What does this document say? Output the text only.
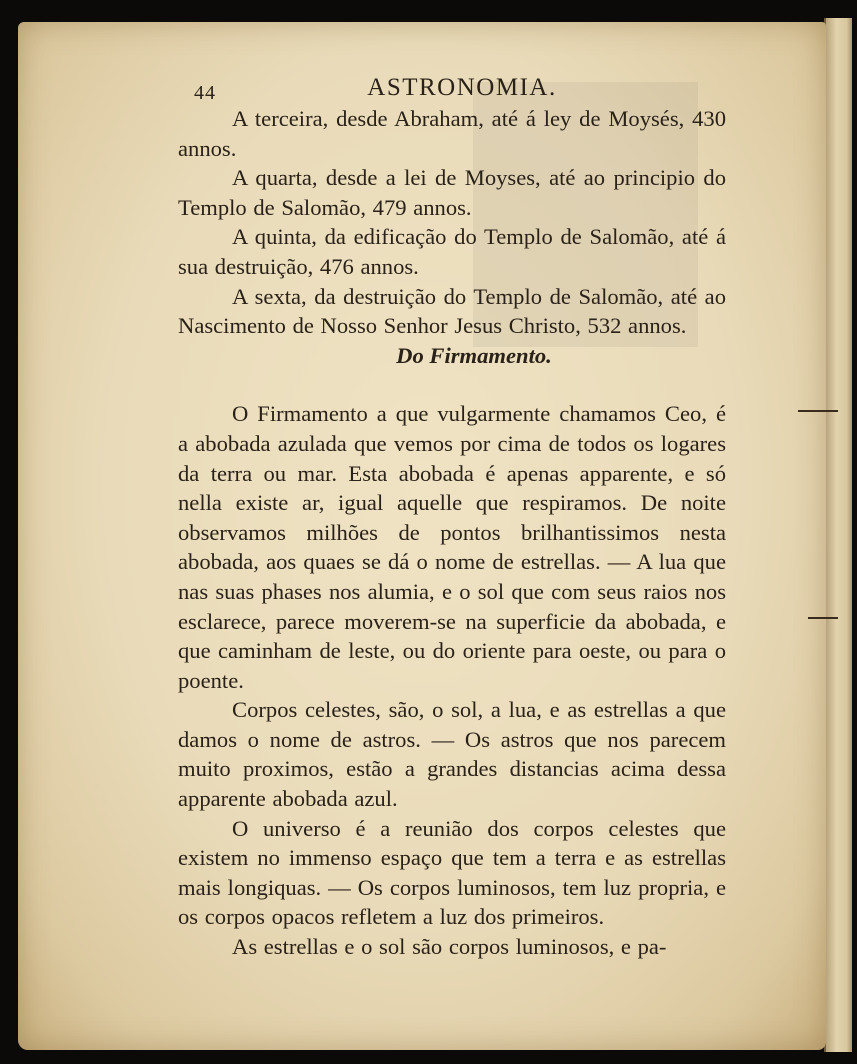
44	ASTRONOMIA.

A terceira, desde Abraham, até á ley de Moysés, 430 annos.

A quarta, desde a lei de Moyses, até ao principio do Templo de Salomão, 479 annos.

A quinta, da edificação do Templo de Salomão, até á sua destruição, 476 annos.

A sexta, da destruição do Templo de Salomão, até ao Nascimento de Nosso Senhor Jesus Christo, 532 annos.

Do Firmamento.

O Firmamento a que vulgarmente chamamos Ceo, é a abobada azulada que vemos por cima de todos os logares da terra ou mar. Esta abobada é apenas apparente, e só nella existe ar, igual aquelle que respiramos. De noite observamos milhões de pontos brilhantissimos nesta abobada, aos quaes se dá o nome de estrellas. — A lua que nas suas phases nos alumia, e o sol que com seus raios nos esclarece, parece moverem-se na superficie da abobada, e que caminham de leste, ou do oriente para oeste, ou para o poente.

Corpos celestes, são, o sol, a lua, e as estrellas a que damos o nome de astros. — Os astros que nos parecem muito proximos, estão a grandes distancias acima dessa apparente abobada azul.

O universo é a reunião dos corpos celestes que existem no immenso espaço que tem a terra e as estrellas mais longiquas. — Os corpos luminosos, tem luz propria, e os corpos opacos refletem a luz dos primeiros.

As estrellas e o sol são corpos luminosos, e pa-
